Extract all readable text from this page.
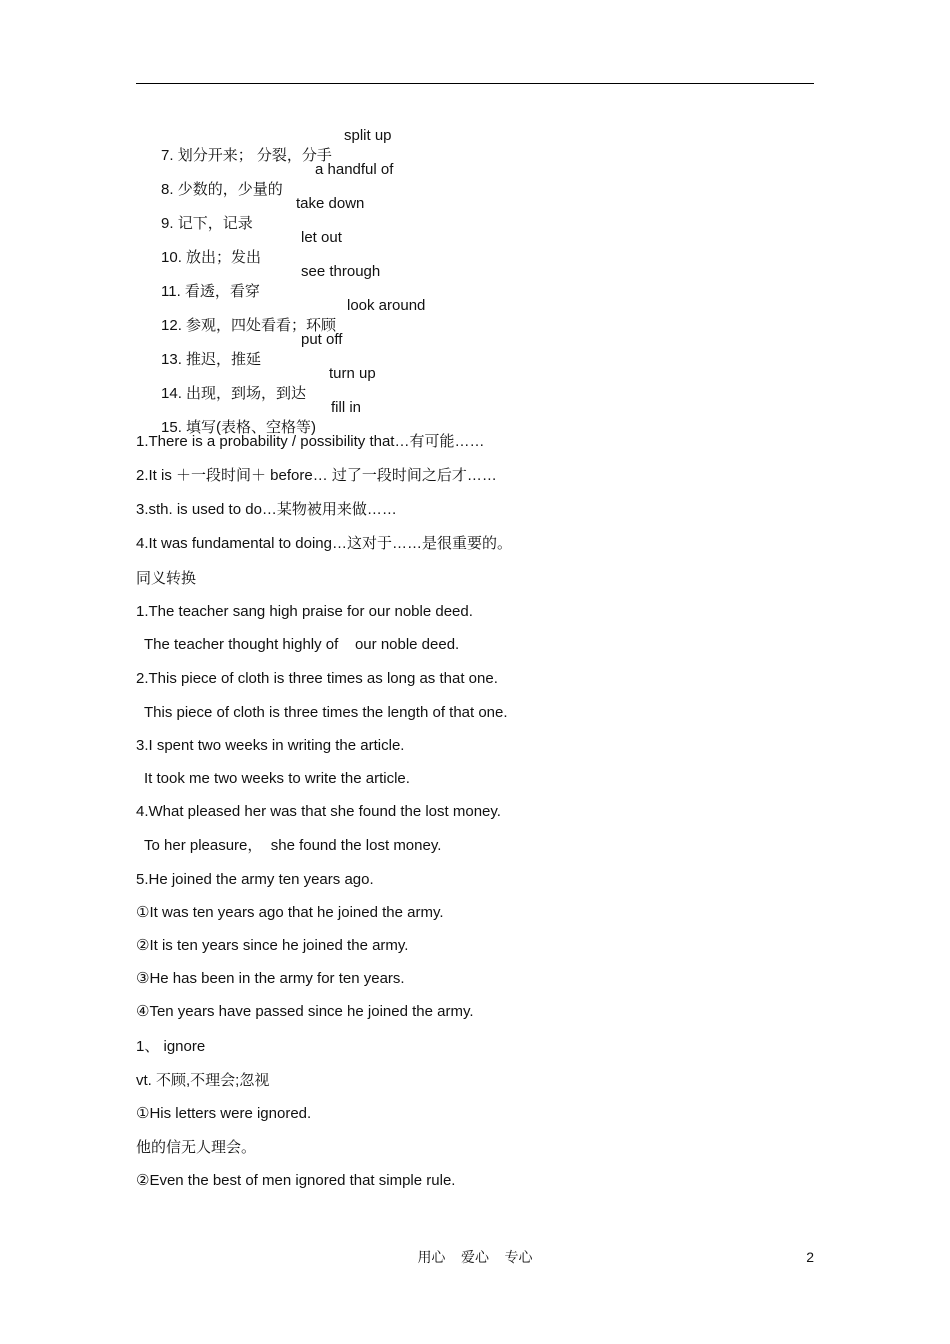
7. 划分开来； 分裂，分手

split up

8. 少数的，少量的

a handful of

9. 记下，记录

take down

10. 放出；发出

let out

11. 看透，看穿

see through

12. 参观，四处看看；环顾

look around

13. 推迟，推延

put off

14. 出现，到场，到达

turn up

15. 填写(表格、空格等)

fill in
1.There is a probability / possibility that…有可能……
2.It is ＋一段时间＋ before… 过了一段时间之后才……
3.sth. is used to do…某物被用来做……
4.It was fundamental to doing…这对于……是很重要的。
同义转换
1.The teacher sang high praise for our noble deed.
The teacher thought highly of    our noble deed.
2.This piece of cloth is three times as long as that one.
This piece of cloth is three times the length of that one.
3.I spent two weeks in writing the article.
It took me two weeks to write the article.
4.What pleased her was that she found the lost money.
To her pleasure，  she found the lost money.
5.He joined the army ten years ago.
①It was ten years ago that he joined the army.
②It is ten years since he joined the army.
③He has been in the army for ten years.
④Ten years have passed since he joined the army.
1、 ignore
vt. 不顾,不理会;忽视
①His letters were ignored.
他的信无人理会。
②Even the best of men ignored that simple rule.
用心    爱心    专心	2
